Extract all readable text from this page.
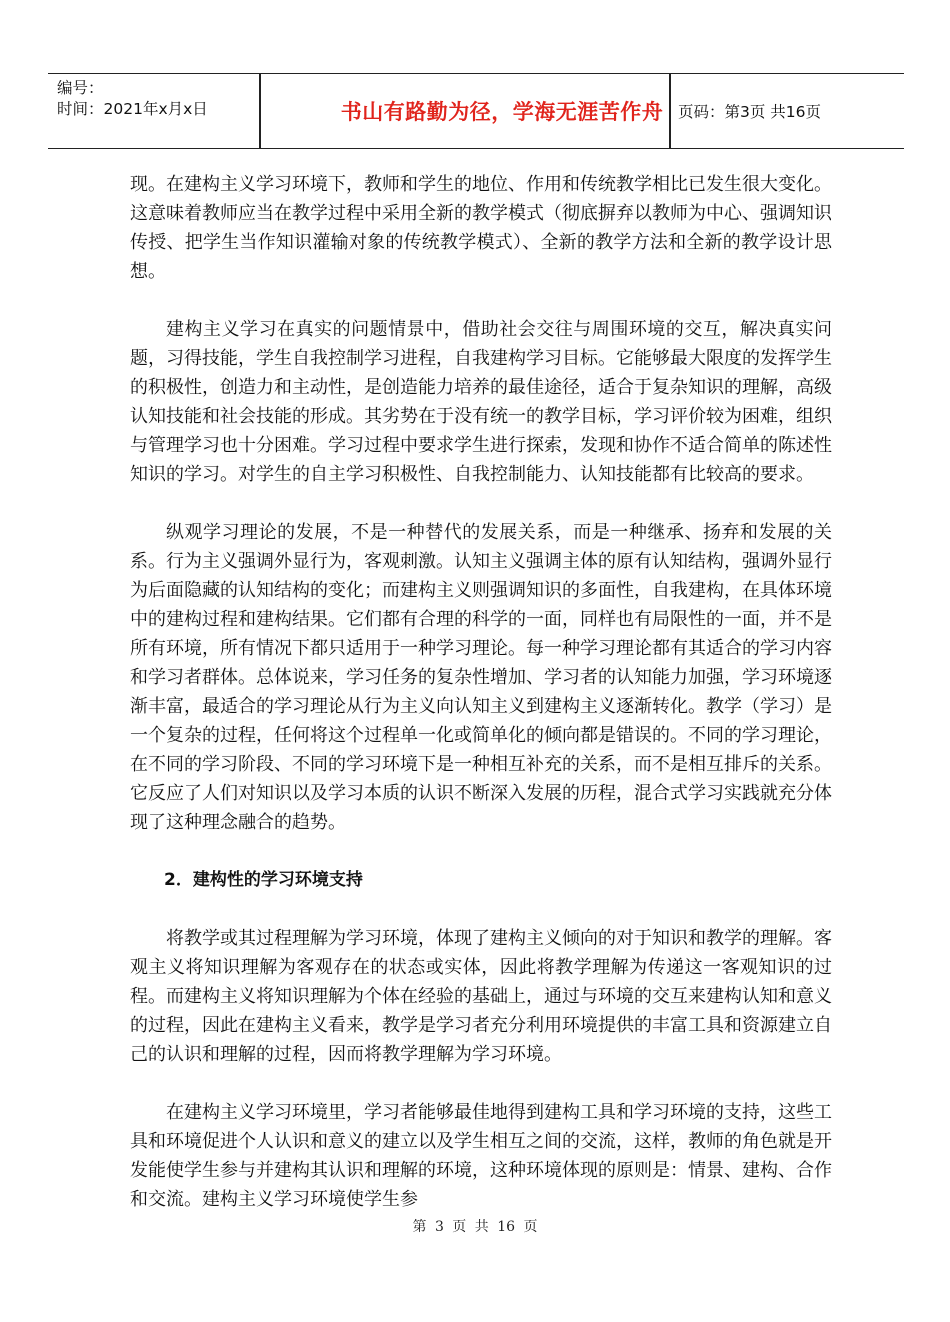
编号：
时间：2021年x月x日	书山有路勤为径，学海无涯苦作舟 页码：第3页 共16页

现。在建构主义学习环境下，教师和学生的地位、作用和传统教学相比已发生很大变化。这意味着教师应当在教学过程中采用全新的教学模式（彻底摒弃以教师为中心、强调知识传授、把学生当作知识灌输对象的传统教学模式）、全新的教学方法和全新的教学设计思想。

建构主义学习在真实的问题情景中，借助社会交往与周围环境的交互，解决真实问题，习得技能，学生自我控制学习进程，自我建构学习目标。它能够最大限度的发挥学生的积极性，创造力和主动性，是创造能力培养的最佳途径，适合于复杂知识的理解，高级认知技能和社会技能的形成。其劣势在于没有统一的教学目标，学习评价较为困难，组织与管理学习也十分困难。学习过程中要求学生进行探索，发现和协作不适合简单的陈述性知识的学习。对学生的自主学习积极性、自我控制能力、认知技能都有比较高的要求。

纵观学习理论的发展，不是一种替代的发展关系，而是一种继承、扬弃和发展的关系。行为主义强调外显行为，客观刺激。认知主义强调主体的原有认知结构，强调外显行为后面隐藏的认知结构的变化；而建构主义则强调知识的多面性，自我建构，在具体环境中的建构过程和建构结果。它们都有合理的科学的一面，同样也有局限性的一面，并不是所有环境，所有情况下都只适用于一种学习理论。每一种学习理论都有其适合的学习内容和学习者群体。总体说来，学习任务的复杂性增加、学习者的认知能力加强，学习环境逐渐丰富，最适合的学习理论从行为主义向认知主义到建构主义逐渐转化。教学（学习）是一个复杂的过程，任何将这个过程单一化或简单化的倾向都是错误的。不同的学习理论，在不同的学习阶段、不同的学习环境下是一种相互补充的关系，而不是相互排斥的关系。它反应了人们对知识以及学习本质的认识不断深入发展的历程，混合式学习实践就充分体现了这种理念融合的趋势。

2．建构性的学习环境支持

将教学或其过程理解为学习环境，体现了建构主义倾向的对于知识和教学的理解。客观主义将知识理解为客观存在的状态或实体，因此将教学理解为传递这一客观知识的过程。而建构主义将知识理解为个体在经验的基础上，通过与环境的交互来建构认知和意义的过程，因此在建构主义看来，教学是学习者充分利用环境提供的丰富工具和资源建立自己的认识和理解的过程，因而将教学理解为学习环境。

在建构主义学习环境里，学习者能够最佳地得到建构工具和学习环境的支持，这些工具和环境促进个人认识和意义的建立以及学生相互之间的交流，这样，教师的角色就是开发能使学生参与并建构其认识和理解的环境，这种环境体现的原则是：情景、建构、合作和交流。建构主义学习环境使学生参

第 3 页 共 16 页
